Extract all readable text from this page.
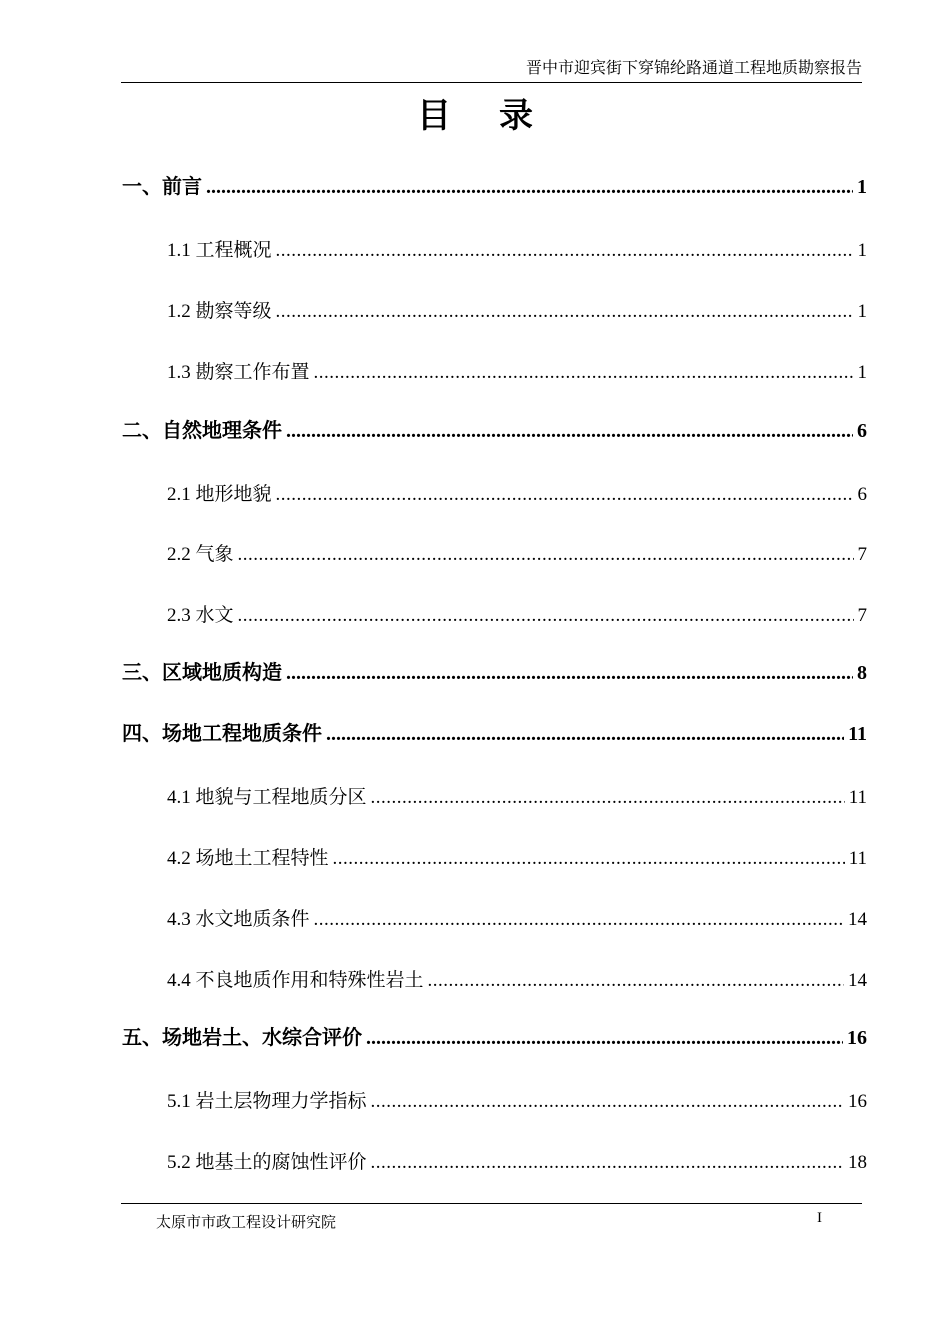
晋中市迎宾街下穿锦纶路通道工程地质勘察报告
目录
一、前言 .....	1
1.1 工程概况 .....	1
1.2 勘察等级 .....	1
1.3 勘察工作布置 .....	1
二、自然地理条件 .....	6
2.1 地形地貌 .....	6
2.2 气象 .....	7
2.3 水文 .....	7
三、区域地质构造 .....	8
四、场地工程地质条件 .....	11
4.1 地貌与工程地质分区 .....	11
4.2 场地土工程特性 .....	11
4.3 水文地质条件 .....	14
4.4 不良地质作用和特殊性岩土 .....	14
五、场地岩土、水综合评价 .....	16
5.1 岩土层物理力学指标 .....	16
5.2 地基土的腐蚀性评价 .....	18
太原市市政工程设计研究院	I
